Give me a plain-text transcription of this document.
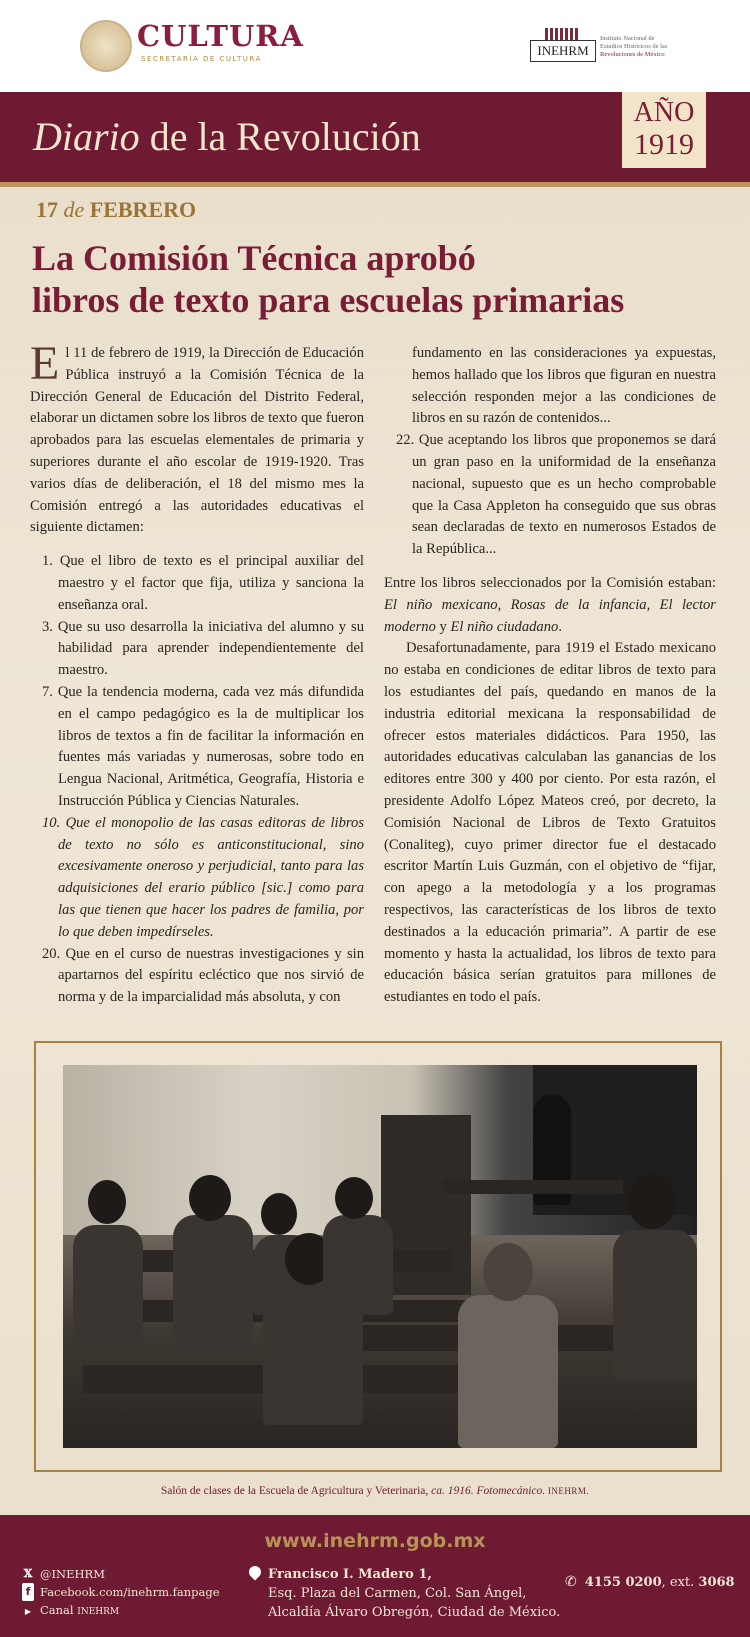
CULTURA
SECRETARÍA DE CULTURA
INEHRM
Instituto Nacional de
Estudios Históricos de las
Revoluciones de México
Diario de la Revolución
AÑO
1919
17 de FEBRERO
La Comisión Técnica aprobó
libros de texto para escuelas primarias

El 11 de febrero de 1919, la Dirección de Educación Pública instruyó a la Comisión Técnica de la Dirección General de Educación del Distrito Federal, elaborar un dictamen sobre los libros de texto que fueron aprobados para las escuelas elementales de primaria y superiores durante el año escolar de 1919-1920. Tras varios días de deliberación, el 18 del mismo mes la Comisión entregó a las autoridades educativas el siguiente dictamen:

1. Que el libro de texto es el principal auxiliar del maestro y el factor que fija, utiliza y sanciona la enseñanza oral.

3. Que su uso desarrolla la iniciativa del alumno y su habilidad para aprender independientemente del maestro.

7. Que la tendencia moderna, cada vez más difundida en el campo pedagógico es la de multiplicar los libros de textos a fin de facilitar la información en fuentes más variadas y numerosas, sobre todo en Lengua Nacional, Aritmética, Geografía, Historia e Instrucción Pública y Ciencias Naturales.

10. Que el monopolio de las casas editoras de libros de texto no sólo es anticonstitucional, sino excesivamente oneroso y perjudicial, tanto para las adquisiciones del erario público [sic.] como para las que tienen que hacer los padres de familia, por lo que deben impedírseles.

20. Que en el curso de nuestras investigaciones y sin apartarnos del espíritu ecléctico que nos sirvió de norma y de la imparcialidad más absoluta, y con

fundamento en las consideraciones ya expuestas, hemos hallado que los libros que figuran en nuestra selección responden mejor a las condiciones de libros en su razón de contenidos...

22. Que aceptando los libros que proponemos se dará un gran paso en la uniformidad de la enseñanza nacional, supuesto que es un hecho comprobable que la Casa Appleton ha conseguido que sus obras sean declaradas de texto en numerosos Estados de la República...

Entre los libros seleccionados por la Comisión estaban: El niño mexicano, Rosas de la infancia, El lector moderno y El niño ciudadano.

Desafortunadamente, para 1919 el Estado mexicano no estaba en condiciones de editar libros de texto para los estudiantes del país, quedando en manos de la industria editorial mexicana la responsabilidad de ofrecer estos materiales didácticos. Para 1950, las autoridades educativas calculaban las ganancias de los editores entre 300 y 400 por ciento. Por esta razón, el presidente Adolfo López Mateos creó, por decreto, la Comisión Nacional de Libros de Texto Gratuitos (Conaliteg), cuyo primer director fue el destacado escritor Martín Luis Guzmán, con el objetivo de “fijar, con apego a la metodología y a los programas respectivos, las características de los libros de texto destinados a la educación primaria”. A partir de ese momento y hasta la actualidad, los libros de texto para educación básica serían gratuitos para millones de estudiantes en todo el país.

Salón de clases de la Escuela de Agricultura y Veterinaria, ca. 1916. Fotomecánico. INEHRM.
www.inehrm.gob.mx
𝕏 @INEHRM
f Facebook.com/inehrm.fanpage
▶ Canal INEHRM
Francisco I. Madero 1,
Esq. Plaza del Carmen, Col. San Ángel,
Alcaldía Álvaro Obregón, Ciudad de México.
✆ 4155 0200, ext. 3068
